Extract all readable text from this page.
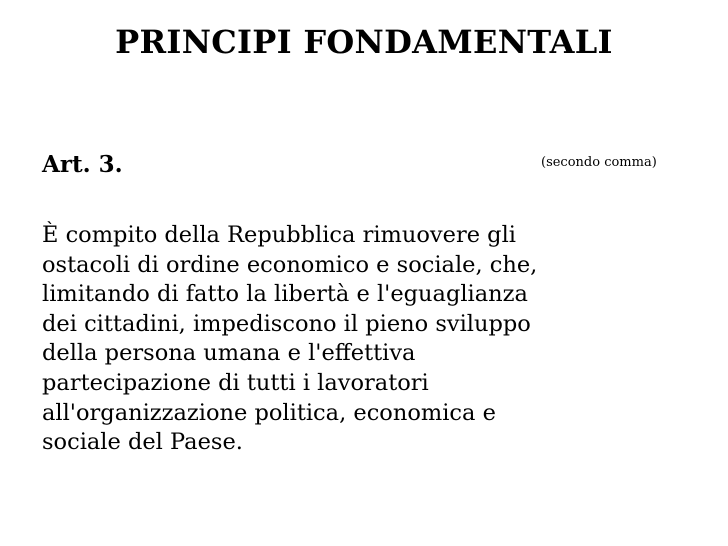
PRINCIPI FONDAMENTALI
Art. 3.	(secondo comma)
È compito della Repubblica rimuovere gli
ostacoli di ordine economico e sociale, che,
limitando di fatto la libertà e l'eguaglianza
dei cittadini, impediscono il pieno sviluppo
della persona umana e l'effettiva
partecipazione di tutti i lavoratori
all'organizzazione politica, economica e
sociale del Paese.
